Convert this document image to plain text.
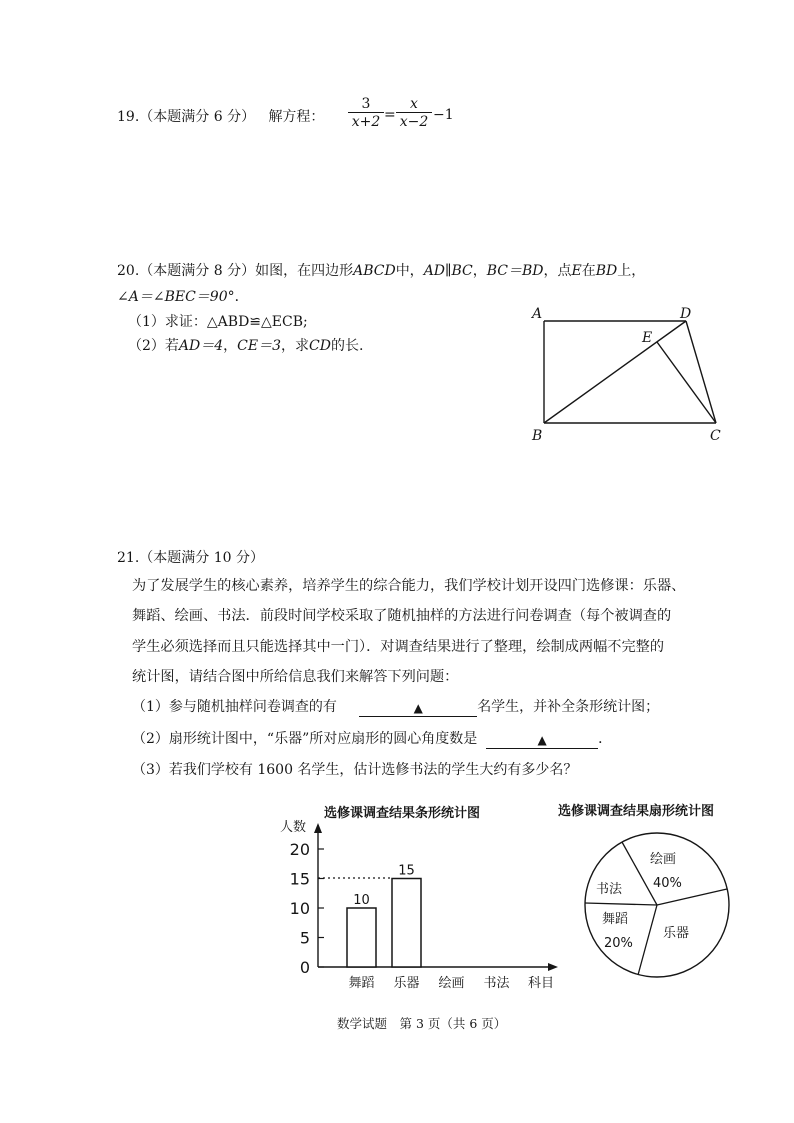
19.（本题满分 6 分） 解方程： $\frac{3}{x+2} = \frac{x}{x-2} -1$
20.（本题满分 8 分）如图，在四边形ABCD中，AD∥BC，BC＝BD，点E在BD上，
∠A＝∠BEC＝90°．
（1）求证：△ABD≌△ECB;
（2）若AD＝4，CE＝3，求CD的长.
A
B	C
D
E
21.（本题满分 10 分）
为了发展学生的核心素养，培养学生的综合能力，我们学校计划开设四门选修课：乐器、
舞蹈、绘画、书法．前段时间学校采取了随机抽样的方法进行问卷调查（每个被调查的
学生必须选择而且只能选择其中一门）．对调查结果进行了整理，绘制成两幅不完整的
统计图，请结合图中所给信息我们来解答下列问题：
（1）参与随机抽样问卷调查的有	▲	名学生，并补全条形统计图；
（2）扇形统计图中，“乐器”所对应扇形的圆心角度数是	▲	．
（3）若我们学校有 1600 名学生，估计选修书法的学生大约有多少名？
选修课调查结果条形统计图
人数
0
5
10
15
20
10
15
舞蹈 乐器 绘画 书法 科目
选修课调查结果扇形统计图
绘画
40%
乐器
舞蹈
20%
书法
数学试题　第 3 页（共 6 页）
